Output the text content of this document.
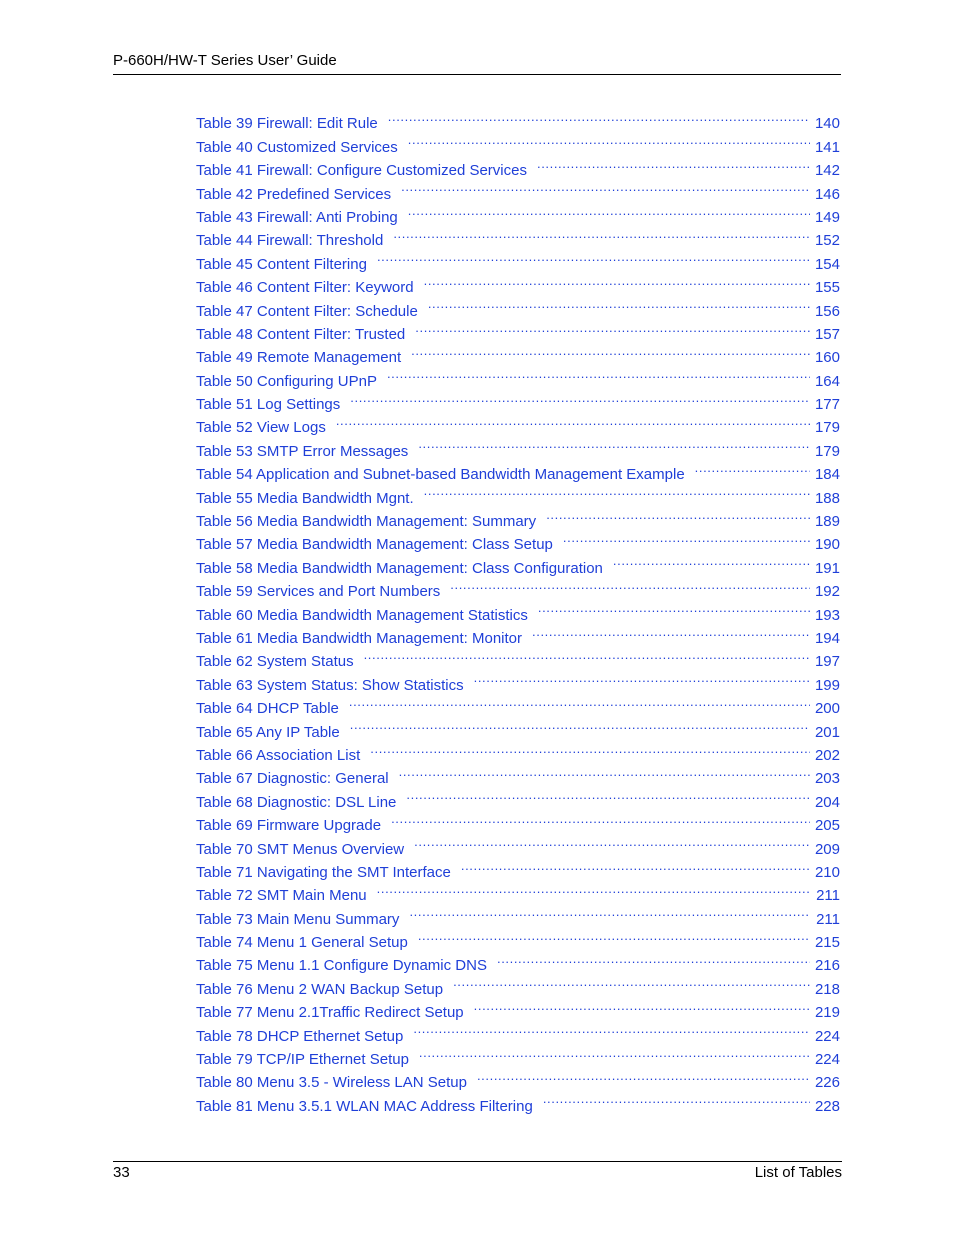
P-660H/HW-T Series User’ Guide
Table 39 Firewall: Edit Rule .....	140
Table 40 Customized Services .....	141
Table 41 Firewall: Configure Customized Services .....	142
Table 42 Predefined Services .....	146
Table 43 Firewall: Anti Probing .....	149
Table 44 Firewall: Threshold .....	152
Table 45 Content Filtering .....	154
Table 46 Content Filter: Keyword .....	155
Table 47 Content Filter: Schedule .....	156
Table 48 Content Filter: Trusted .....	157
Table 49 Remote Management .....	160
Table 50 Configuring UPnP .....	164
Table 51 Log Settings .....	177
Table 52 View Logs .....	179
Table 53 SMTP Error Messages .....	179
Table 54 Application and Subnet-based Bandwidth Management Example .....	184
Table 55 Media Bandwidth Mgnt. .....	188
Table 56 Media Bandwidth Management: Summary .....	189
Table 57 Media Bandwidth Management: Class Setup .....	190
Table 58 Media Bandwidth Management: Class Configuration .....	191
Table 59 Services and Port Numbers .....	192
Table 60 Media Bandwidth Management Statistics .....	193
Table 61 Media Bandwidth Management: Monitor .....	194
Table 62 System Status .....	197
Table 63 System Status: Show Statistics .....	199
Table 64 DHCP Table .....	200
Table 65 Any IP Table .....	201
Table 66 Association List .....	202
Table 67 Diagnostic: General .....	203
Table 68 Diagnostic: DSL Line .....	204
Table 69 Firmware Upgrade .....	205
Table 70 SMT Menus Overview .....	209
Table 71 Navigating the SMT Interface .....	210
Table 72 SMT Main Menu .....	211
Table 73 Main Menu Summary .....	211
Table 74 Menu 1 General Setup .....	215
Table 75 Menu 1.1 Configure Dynamic DNS .....	216
Table 76 Menu 2 WAN Backup Setup .....	218
Table 77 Menu 2.1Traffic Redirect Setup .....	219
Table 78 DHCP Ethernet Setup .....	224
Table 79 TCP/IP Ethernet Setup .....	224
Table 80 Menu 3.5 - Wireless LAN Setup .....	226
Table 81 Menu 3.5.1 WLAN MAC Address Filtering .....	228
33	List of Tables
